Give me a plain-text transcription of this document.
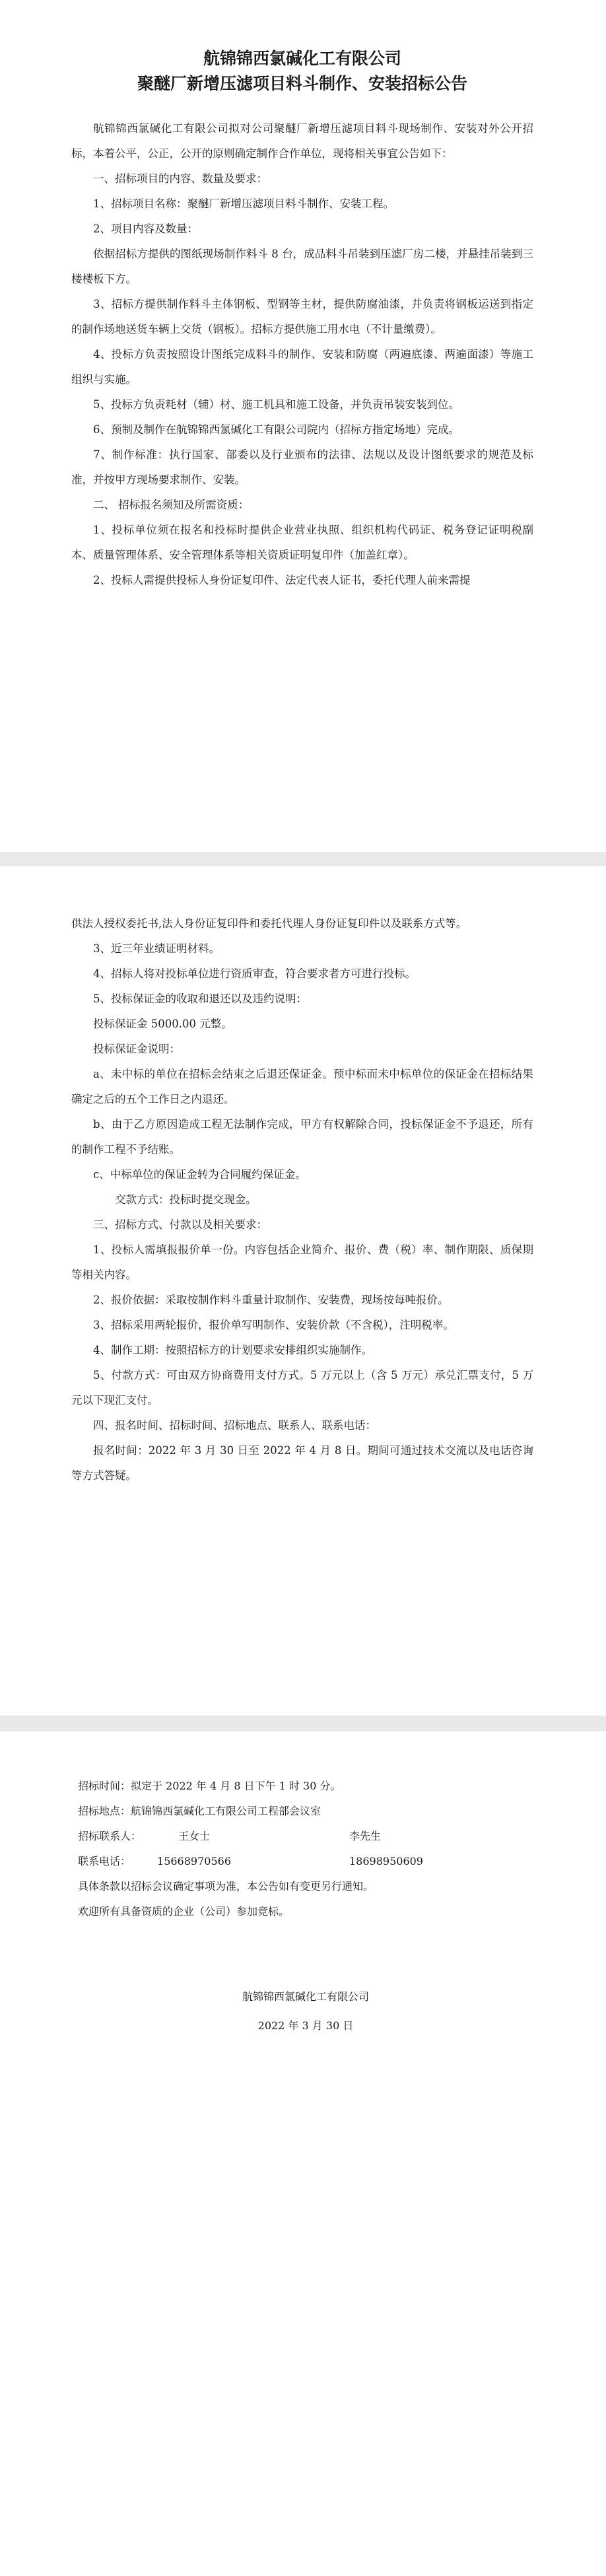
航锦锦西氯碱化工有限公司

聚醚厂新增压滤项目料斗制作、安装招标公告

航锦锦西氯碱化工有限公司拟对公司聚醚厂新增压滤项目料斗现场制作、安装对外公开招标，本着公平，公正，公开的原则确定制作合作单位，现将相关事宜公告如下：

一、招标项目的内容、数量及要求：

1、招标项目名称：聚醚厂新增压滤项目料斗制作、安装工程。

2、项目内容及数量：

依据招标方提供的图纸现场制作料斗 8 台，成品料斗吊装到压滤厂房二楼，并悬挂吊装到三楼楼板下方。

3、招标方提供制作料斗主体钢板、型钢等主材，提供防腐油漆，并负责将钢板运送到指定的制作场地送货车辆上交货（钢板）。招标方提供施工用水电（不计量缴费）。

4、投标方负责按照设计图纸完成料斗的制作、安装和防腐（两遍底漆、两遍面漆）等施工组织与实施。

5、投标方负责耗材（辅）材、施工机具和施工设备，并负责吊装安装到位。

6、预制及制作在航锦锦西氯碱化工有限公司院内（招标方指定场地）完成。

7、制作标准：执行国家、部委以及行业颁布的法律、法规以及设计图纸要求的规范及标准，并按甲方现场要求制作、安装。

二、 招标报名须知及所需资质：

1、投标单位须在报名和投标时提供企业营业执照、组织机构代码证、税务登记证明税副本、质量管理体系、安全管理体系等相关资质证明复印件（加盖红章）。

2、投标人需提供投标人身份证复印件、法定代表人证书，委托代理人前来需提

供法人授权委托书,法人身份证复印件和委托代理人身份证复印件以及联系方式等。

3、近三年业绩证明材料。

4、招标人将对投标单位进行资质审查，符合要求者方可进行投标。

5、投标保证金的收取和退还以及违约说明：

投标保证金 5000.00 元整。

投标保证金说明：

a、未中标的单位在招标会结束之后退还保证金。预中标而未中标单位的保证金在招标结果确定之后的五个工作日之内退还。

b、由于乙方原因造成工程无法制作完成，甲方有权解除合同，投标保证金不予退还，所有的制作工程不予结账。

c、中标单位的保证金转为合同履约保证金。

交款方式：投标时提交现金。

三、招标方式、付款以及相关要求：

1、投标人需填报报价单一份。内容包括企业简介、报价、费（税）率、制作期限、质保期等相关内容。

2、报价依据：采取按制作料斗重量计取制作、安装费，现场按每吨报价。

3、招标采用两轮报价，报价单写明制作、安装价款（不含税），注明税率。

4、制作工期：按照招标方的计划要求安排组织实施制作。

5、付款方式：可由双方协商费用支付方式。5 万元以上（含 5 万元）承兑汇票支付，5 万元以下现汇支付。

四、报名时间、招标时间、招标地点、联系人、联系电话：

报名时间：2022 年 3 月 30 日至 2022 年 4 月 8 日。期间可通过技术交流以及电话咨询等方式答疑。

招标时间：拟定于 2022 年 4 月 8 日下午 1 时 30 分。

招标地点：航锦锦西氯碱化工有限公司工程部会议室

招标联系人：	王女士	李先生
联系电话：	15668970566	18698950609

具体条款以招标会议确定事项为准，本公告如有变更另行通知。

欢迎所有具备资质的企业（公司）参加竞标。

航锦锦西氯碱化工有限公司

2022 年 3 月 30 日
